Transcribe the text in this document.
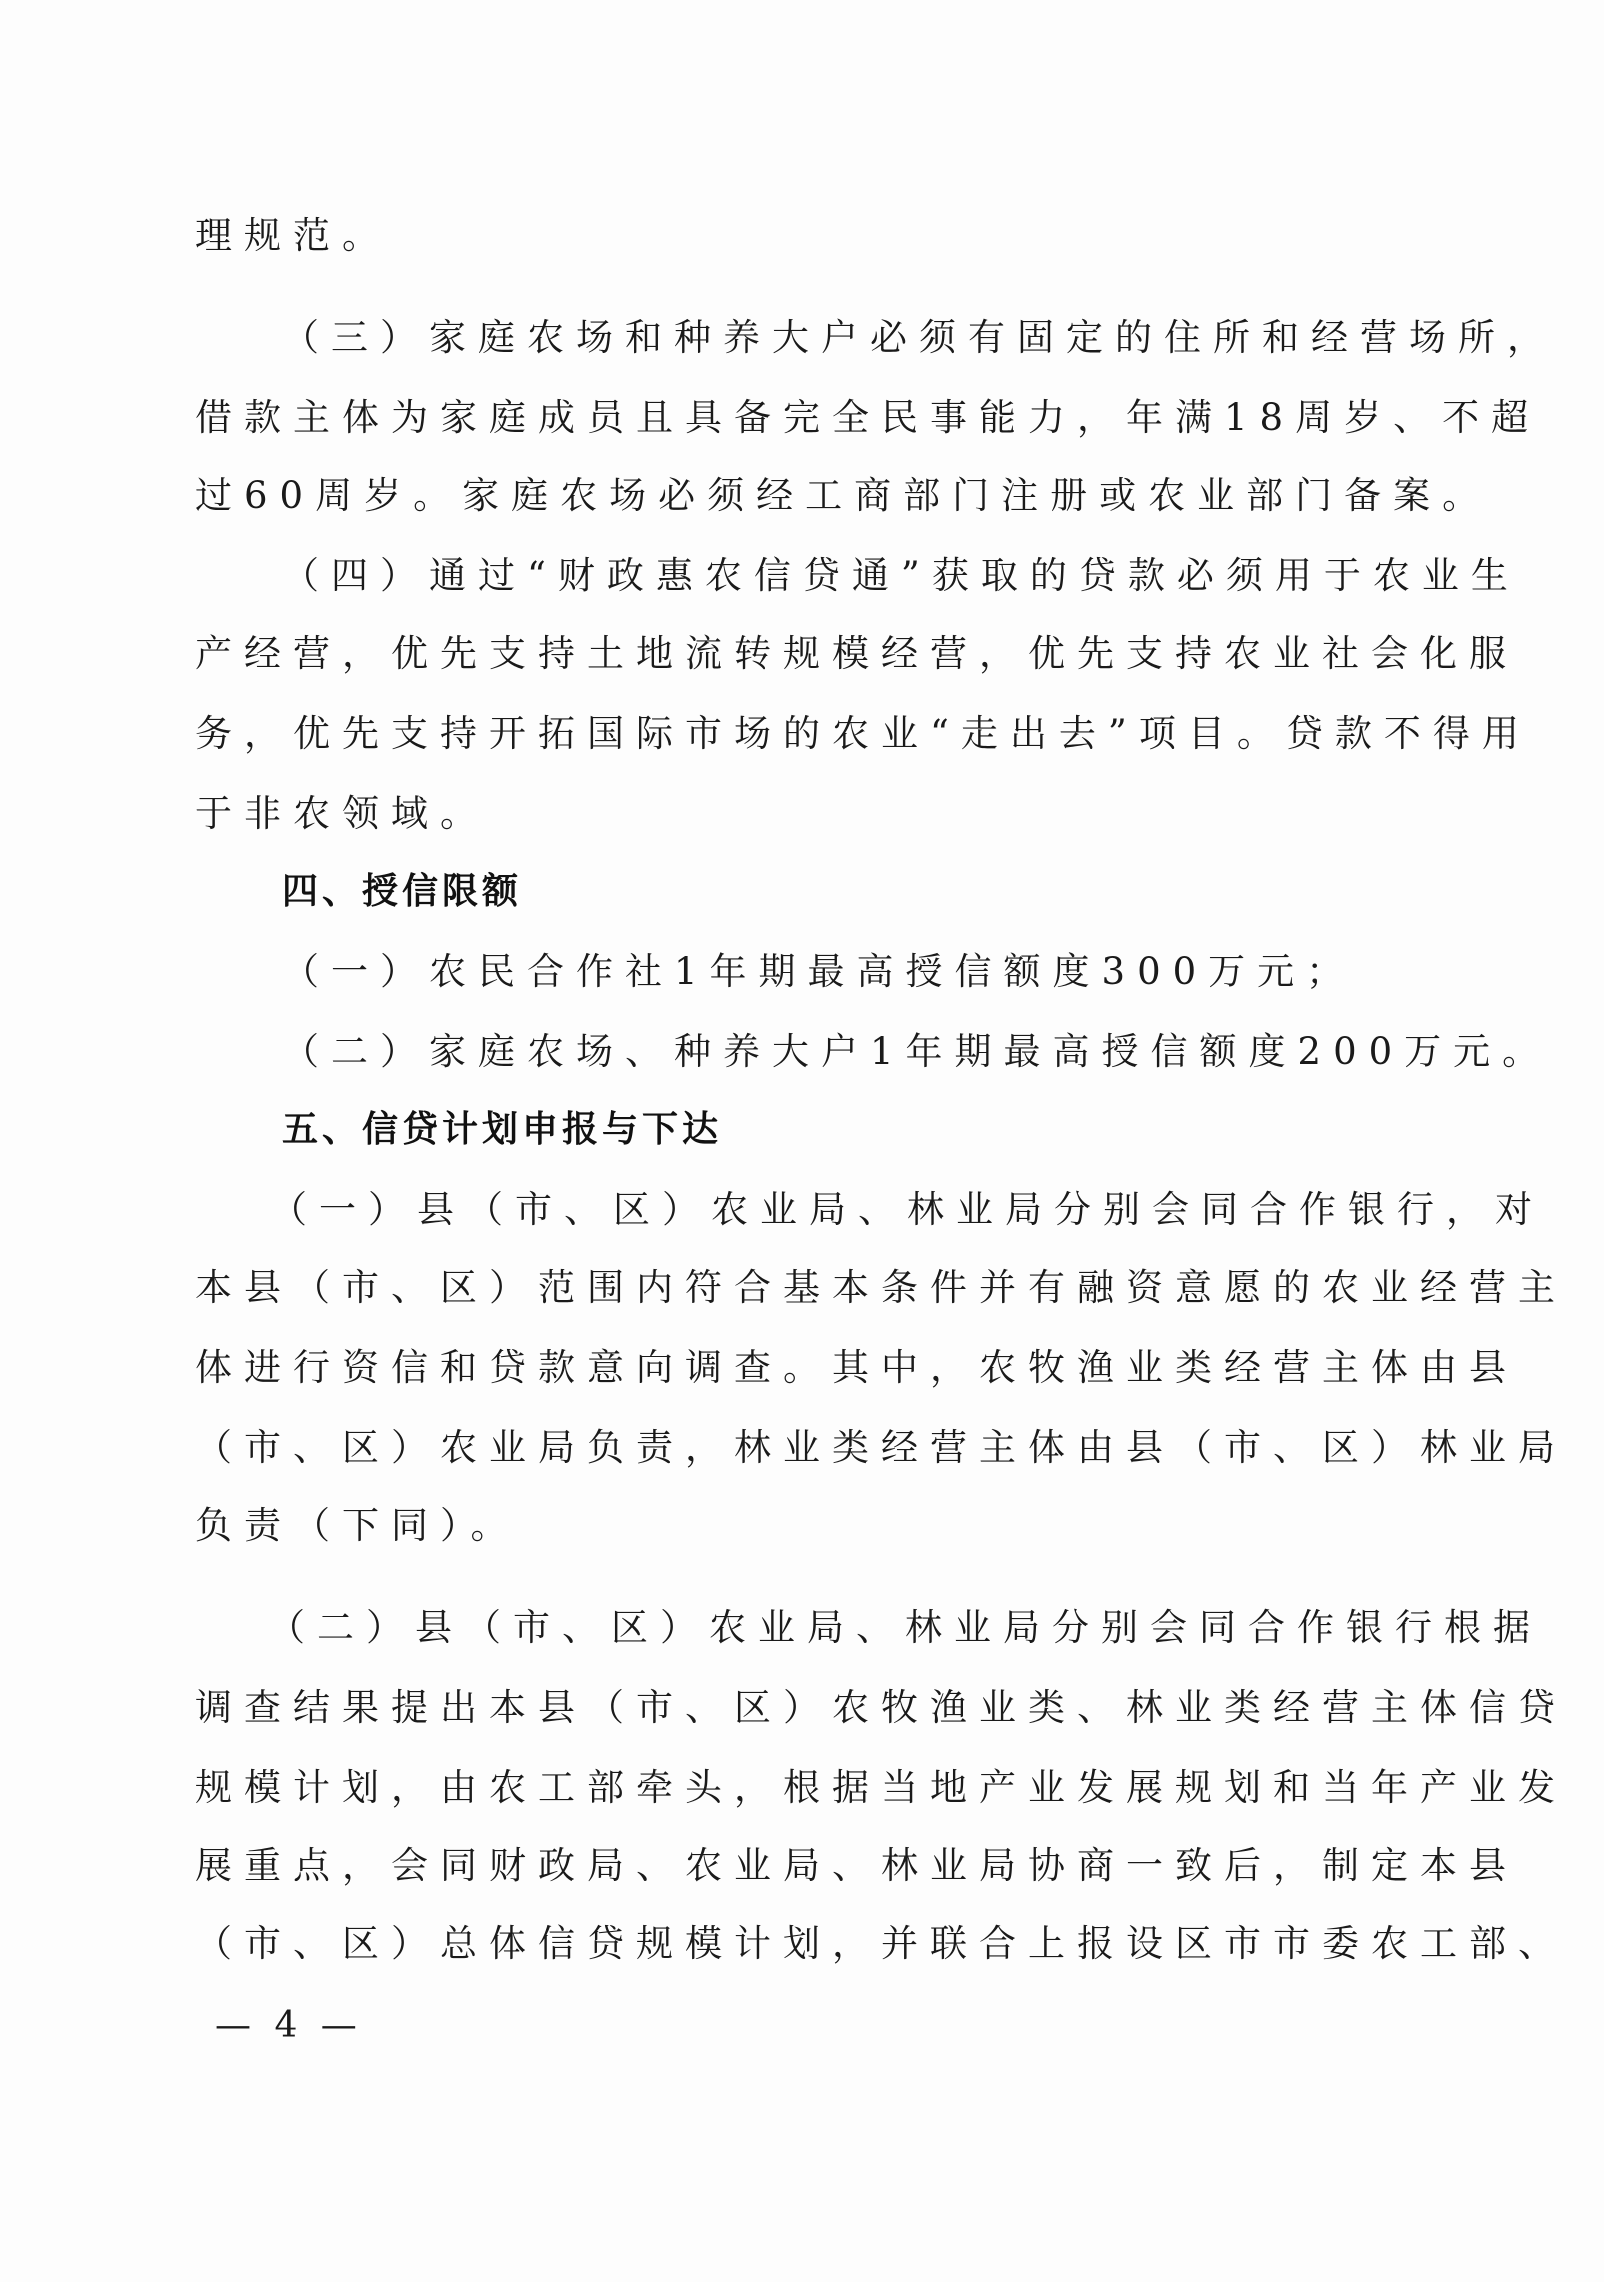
理规范。
（三）家庭农场和种养大户必须有固定的住所和经营场所，
借款主体为家庭成员且具备完全民事能力，年满18周岁、不超
过60周岁。家庭农场必须经工商部门注册或农业部门备案。
（四）通过“财政惠农信贷通”获取的贷款必须用于农业生
产经营，优先支持土地流转规模经营，优先支持农业社会化服
务，优先支持开拓国际市场的农业“走出去”项目。贷款不得用
于非农领域。
四、授信限额
（一）农民合作社1年期最高授信额度300万元；
（二）家庭农场、种养大户1年期最高授信额度200万元。
五、信贷计划申报与下达
（一）县（市、区）农业局、林业局分别会同合作银行，对
本县（市、区）范围内符合基本条件并有融资意愿的农业经营主
体进行资信和贷款意向调查。其中，农牧渔业类经营主体由县
（市、区）农业局负责，林业类经营主体由县（市、区）林业局
负责（下同）。
（二）县（市、区）农业局、林业局分别会同合作银行根据
调查结果提出本县（市、区）农牧渔业类、林业类经营主体信贷
规模计划，由农工部牵头，根据当地产业发展规划和当年产业发
展重点，会同财政局、农业局、林业局协商一致后，制定本县
（市、区）总体信贷规模计划，并联合上报设区市市委农工部、
— 4 —
